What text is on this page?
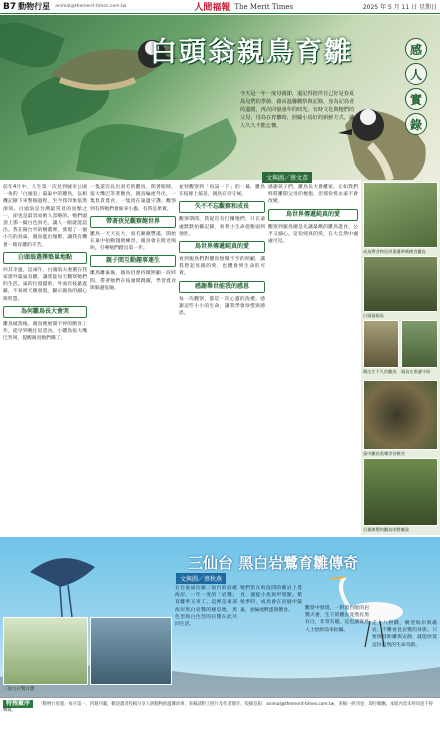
B7 動物行星 animal@themerit-times.com.tw	人間福報 The Merit Times	2025 年 5 月 11 日 星期日
白頭翁親鳥育雛	感
人
實
錄
今天是一年一度母親節，還記得陪伴自己好是春夏鳥兒們的季節，藉由溫馨觀察與記錄，身為記鳥者的溫暖，再次回憶童年的時光。有時文化與牠們的父母，母鳥在育雛時，照顧小鳥好的新鮮方式，讓人久久不能忘懷。
文與圖／蔡文彥
前年4月中，人生第一次見到城市公園一角的「白頭翁」築巢中的雛鳥，以相機記錄下來整個過程，至今我印象依然深刻。白頭翁是台灣最常見的鳥類之一，卻也是最容易被人忽略的。牠們頭頂上那一撮白色羽毛，讓人一眼就能認出。我在陽台外的樹叢裡，發現了一個小巧的鳥巢，親鳥進出頻繁，讓我有機會一睹育雛的辛苦。
白頭翁選擇築巢地點
何其幸運，這兩年，白頭翁夫妻選在我家窗外築巢育雛，讓我能每天觀察牠們的生活。巢的位置隱密，外面有枝葉遮蔽，不易被天敵發現，顯示親鳥的細心與智慧。
為何雛鳥長大會哭
雛鳥破殼後，親鳥便展開不停的餵食工作，從早到晚往返覓食。小雛鳥張大嘴巴哭叫，提醒親鳥牠們餓了。
一隻還沒長出羽毛的雛鳥，閉著眼睛，張大嘴巴等著餵食。親鳥輪流外出，一隻負責覓食，一隻留在巢邊守護。觀察到有時牠們會銜來小蟲，有時是果實。
帶著孩兒觀察飽世界
雛鳥一天天長大，羽毛漸漸豐滿，開始在巢中拍動翅膀練習。親鳥會在附近鳴叫，引導牠們踏出第一步。
親子間互動趣事連生
雛鳥離巢後，親鳥仍會持續照顧一段時間，帶著牠們在枝頭間跳躍，學習覓食與躲避危險。
並特觀察到「再試一下」的一幕，雛鳥在枝條上搖晃，親鳥在旁守候。
失不不忘觀察和成長
觀察期間，我從沒有打擾牠們，只在遠處默默拍攝記錄，看著小生命從脆弱到強壯。
鳥世界傳遞純真的愛
看到親鳥們對雛鳥無微不至的照顧，讓我想起母親的愛，也體會到生命的可貴。
感謝舉世能我的感恩
每一次觀察，都是一次心靈的洗禮。感謝這些小小的生命，讓我學會珍惜與感恩。
感謝孩子們，雛鳥長大會離家，正如我們終將離開父母的懷抱，但那份愛永遠不會改變。
鳥世界傳遞純真的愛
觀察到親鳥總是先讓最餓的雛鳥進食，公平又細心。這份純真的愛，在大自然中處處可見。
成鳥帶食物回到巢邊準備餵食雛鳥
白頭翁親鳥
剛出生不久的雛鳥	親鳥在巢邊守候
巢中雛鳥張嘴等待餵食
羽翼漸豐的雛鳥即將離巢
三仙台 黑白岩鷺育雛傳奇
文與圖／蔡秋燕
三仙台岩鷺育雛
在台東成功鎮三仙台的岩礁海岸，一年一度的「岩鷺」育雛季又來了。這裡是東部海岸黑白岩鷺的棲息地，黑色型與白色型的岩鷺在此共同生活。
牠們常在海浪間的礁岩上覓食，捕捉小魚與甲殼類。繁殖季時，成鳥會在岩縫中築巢，並輪流孵蛋與餵食。	觀察中發現，一對黑白配的岩鷺夫妻，生下的雛鳥竟然有黑有白，非常有趣。這也讓賞鳥人士紛紛前來拍攝。
走上八拱橋，眺望海岸與礁岩，不難看見岩鷺的身影。只要保持距離與安靜，就能欣賞這份自然的生命奇蹟。
特搜廠序 「動物行星版」每月第一、四週刊載，歡迎讀者投稿分享人與動物的溫馨故事，來稿請附上照片及作者簡介。投稿信箱：animal@themerit-times.com.tw，來稿一經刊登，即付稿酬。本版內容未經同意不得轉載。
